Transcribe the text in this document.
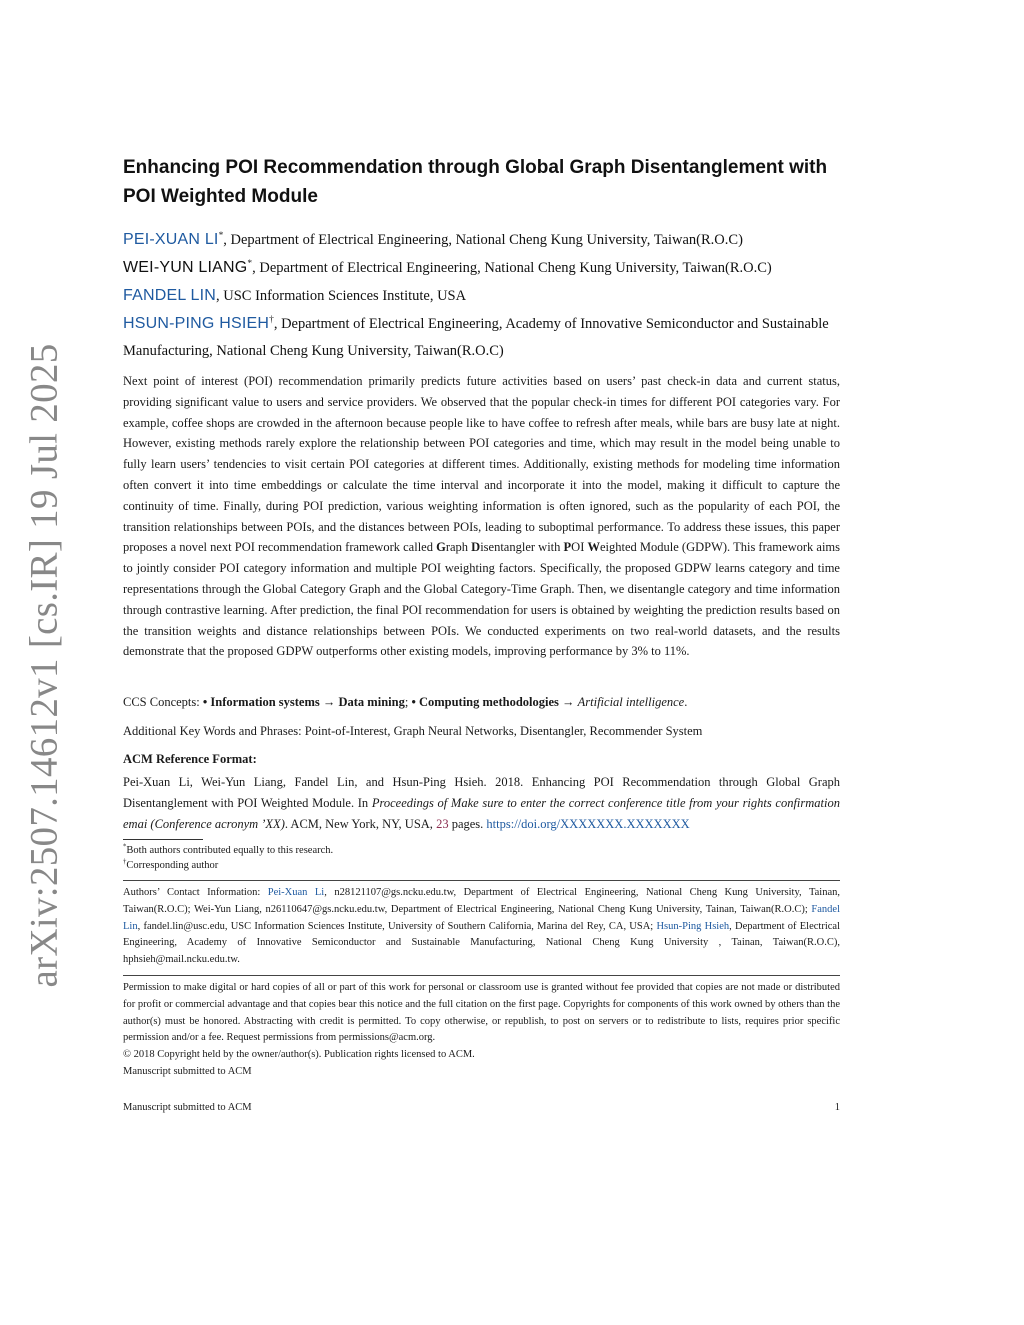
arXiv:2507.14612v1 [cs.IR] 19 Jul 2025
Enhancing POI Recommendation through Global Graph Disentanglement with POI Weighted Module
PEI-XUAN LI*, Department of Electrical Engineering, National Cheng Kung University, Taiwan(R.O.C)
WEI-YUN LIANG*, Department of Electrical Engineering, National Cheng Kung University, Taiwan(R.O.C)
FANDEL LIN, USC Information Sciences Institute, USA
HSUN-PING HSIEH†, Department of Electrical Engineering, Academy of Innovative Semiconductor and Sustainable Manufacturing, National Cheng Kung University, Taiwan(R.O.C)
Next point of interest (POI) recommendation primarily predicts future activities based on users’ past check-in data and current status, providing significant value to users and service providers. We observed that the popular check-in times for different POI categories vary. For example, coffee shops are crowded in the afternoon because people like to have coffee to refresh after meals, while bars are busy late at night. However, existing methods rarely explore the relationship between POI categories and time, which may result in the model being unable to fully learn users’ tendencies to visit certain POI categories at different times. Additionally, existing methods for modeling time information often convert it into time embeddings or calculate the time interval and incorporate it into the model, making it difficult to capture the continuity of time. Finally, during POI prediction, various weighting information is often ignored, such as the popularity of each POI, the transition relationships between POIs, and the distances between POIs, leading to suboptimal performance. To address these issues, this paper proposes a novel next POI recommendation framework called Graph Disentangler with POI Weighted Module (GDPW). This framework aims to jointly consider POI category information and multiple POI weighting factors. Specifically, the proposed GDPW learns category and time representations through the Global Category Graph and the Global Category-Time Graph. Then, we disentangle category and time information through contrastive learning. After prediction, the final POI recommendation for users is obtained by weighting the prediction results based on the transition weights and distance relationships between POIs. We conducted experiments on two real-world datasets, and the results demonstrate that the proposed GDPW outperforms other existing models, improving performance by 3% to 11%.
CCS Concepts: • Information systems → Data mining; • Computing methodologies → Artificial intelligence.
Additional Key Words and Phrases: Point-of-Interest, Graph Neural Networks, Disentangler, Recommender System
ACM Reference Format:
Pei-Xuan Li, Wei-Yun Liang, Fandel Lin, and Hsun-Ping Hsieh. 2018. Enhancing POI Recommendation through Global Graph Disentanglement with POI Weighted Module. In Proceedings of Make sure to enter the correct conference title from your rights confirmation emai (Conference acronym ’XX). ACM, New York, NY, USA, 23 pages. https://doi.org/XXXXXXX.XXXXXXX
*Both authors contributed equally to this research.
†Corresponding author
Authors’ Contact Information: Pei-Xuan Li, n28121107@gs.ncku.edu.tw, Department of Electrical Engineering, National Cheng Kung University, Tainan, Taiwan(R.O.C); Wei-Yun Liang, n26110647@gs.ncku.edu.tw, Department of Electrical Engineering, National Cheng Kung University, Tainan, Taiwan(R.O.C); Fandel Lin, fandel.lin@usc.edu, USC Information Sciences Institute, University of Southern California, Marina del Rey, CA, USA; Hsun-Ping Hsieh, Department of Electrical Engineering, Academy of Innovative Semiconductor and Sustainable Manufacturing, National Cheng Kung University , Tainan, Taiwan(R.O.C), hphsieh@mail.ncku.edu.tw.
Permission to make digital or hard copies of all or part of this work for personal or classroom use is granted without fee provided that copies are not made or distributed for profit or commercial advantage and that copies bear this notice and the full citation on the first page. Copyrights for components of this work owned by others than the author(s) must be honored. Abstracting with credit is permitted. To copy otherwise, or republish, to post on servers or to redistribute to lists, requires prior specific permission and/or a fee. Request permissions from permissions@acm.org.
© 2018 Copyright held by the owner/author(s). Publication rights licensed to ACM.
Manuscript submitted to ACM
Manuscript submitted to ACM	1
